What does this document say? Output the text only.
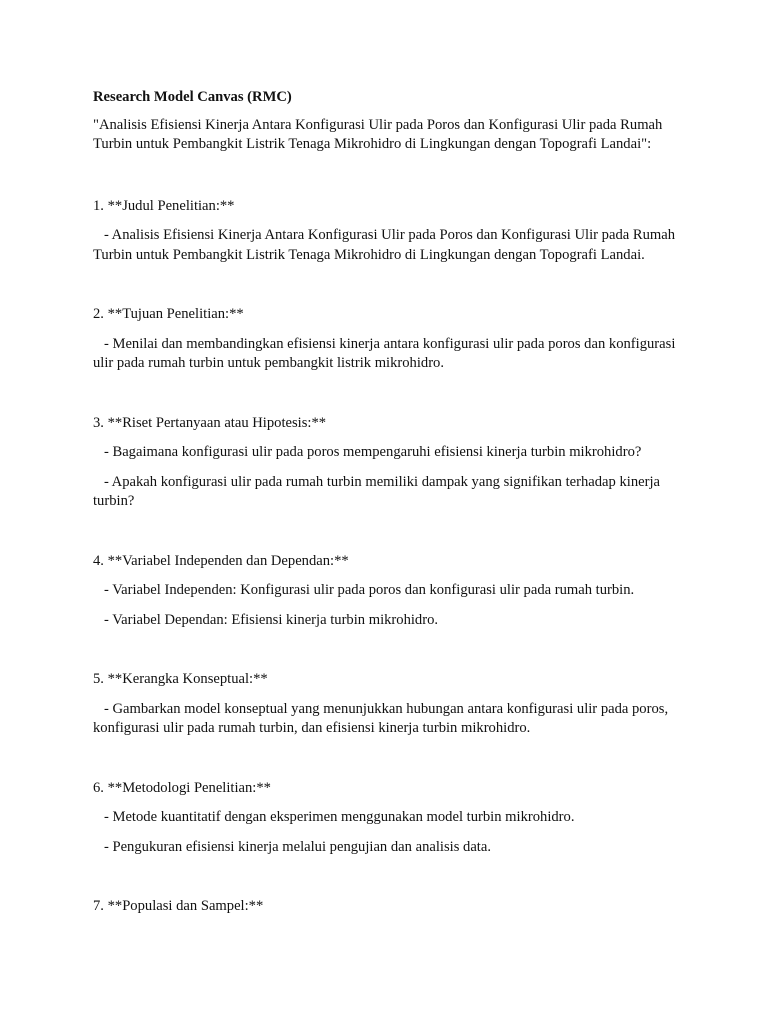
Research Model Canvas (RMC)

"Analisis Efisiensi Kinerja Antara Konfigurasi Ulir pada Poros dan Konfigurasi Ulir pada Rumah Turbin untuk Pembangkit Listrik Tenaga Mikrohidro di Lingkungan dengan Topografi Landai":

1. **Judul Penelitian:**

- Analisis Efisiensi Kinerja Antara Konfigurasi Ulir pada Poros dan Konfigurasi Ulir pada Rumah Turbin untuk Pembangkit Listrik Tenaga Mikrohidro di Lingkungan dengan Topografi Landai.

2. **Tujuan Penelitian:**

- Menilai dan membandingkan efisiensi kinerja antara konfigurasi ulir pada poros dan konfigurasi ulir pada rumah turbin untuk pembangkit listrik mikrohidro.

3. **Riset Pertanyaan atau Hipotesis:**

- Bagaimana konfigurasi ulir pada poros mempengaruhi efisiensi kinerja turbin mikrohidro?

- Apakah konfigurasi ulir pada rumah turbin memiliki dampak yang signifikan terhadap kinerja turbin?

4. **Variabel Independen dan Dependan:**

- Variabel Independen: Konfigurasi ulir pada poros dan konfigurasi ulir pada rumah turbin.

- Variabel Dependan: Efisiensi kinerja turbin mikrohidro.

5. **Kerangka Konseptual:**

- Gambarkan model konseptual yang menunjukkan hubungan antara konfigurasi ulir pada poros, konfigurasi ulir pada rumah turbin, dan efisiensi kinerja turbin mikrohidro.

6. **Metodologi Penelitian:**

- Metode kuantitatif dengan eksperimen menggunakan model turbin mikrohidro.

- Pengukuran efisiensi kinerja melalui pengujian dan analisis data.

7. **Populasi dan Sampel:**
